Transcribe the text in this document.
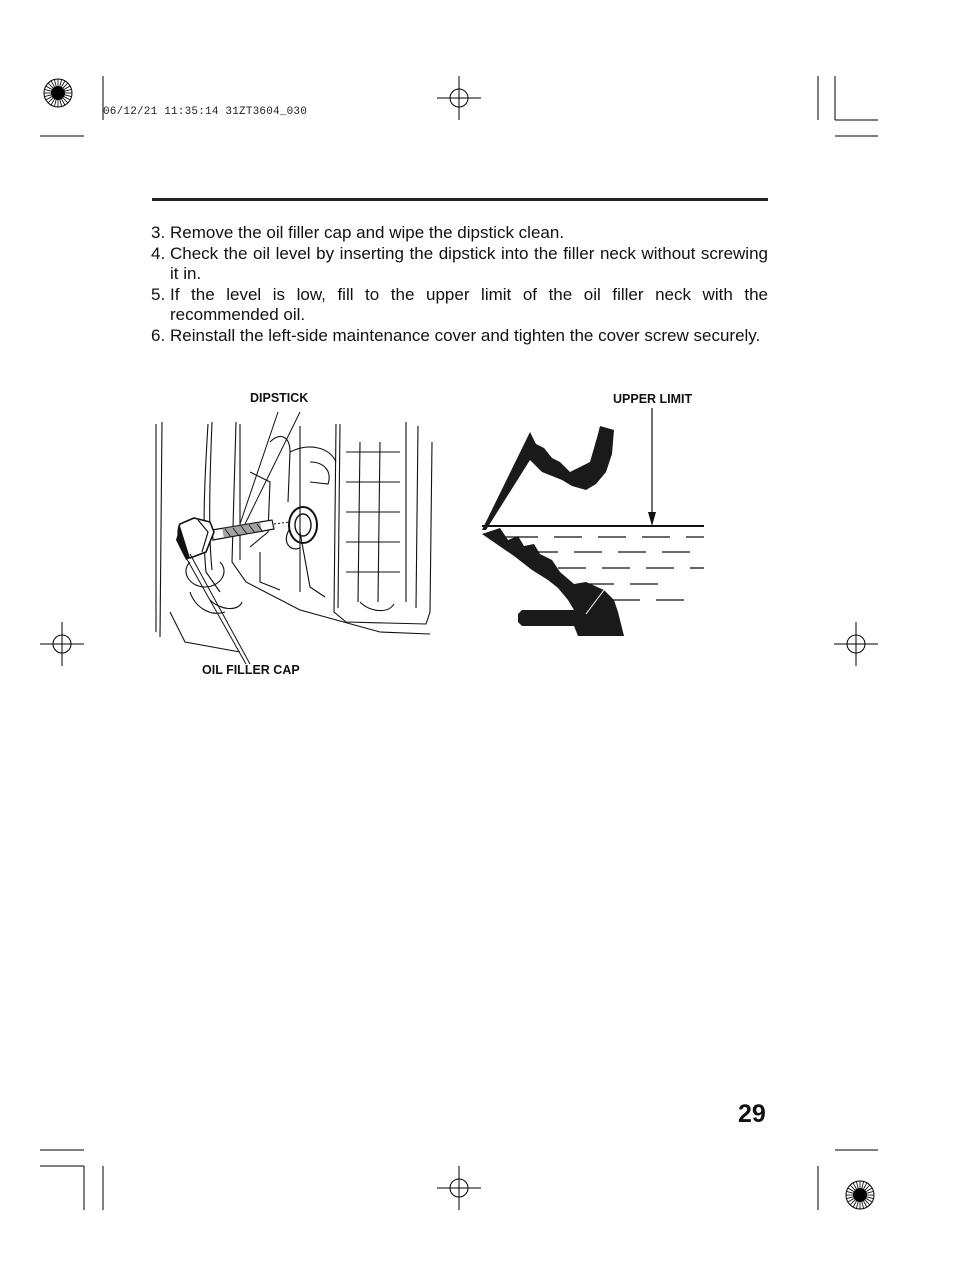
06/12/21 11:35:14 31ZT3604_030
3. Remove the oil filler cap and wipe the dipstick clean.
4. Check the oil level by inserting the dipstick into the filler neck without screwing it in.
5. If the level is low, fill to the upper limit of the oil filler neck with the recommended oil.
6. Reinstall the left-side maintenance cover and tighten the cover screw securely.
DIPSTICK
OIL FILLER CAP
UPPER LIMIT
29
